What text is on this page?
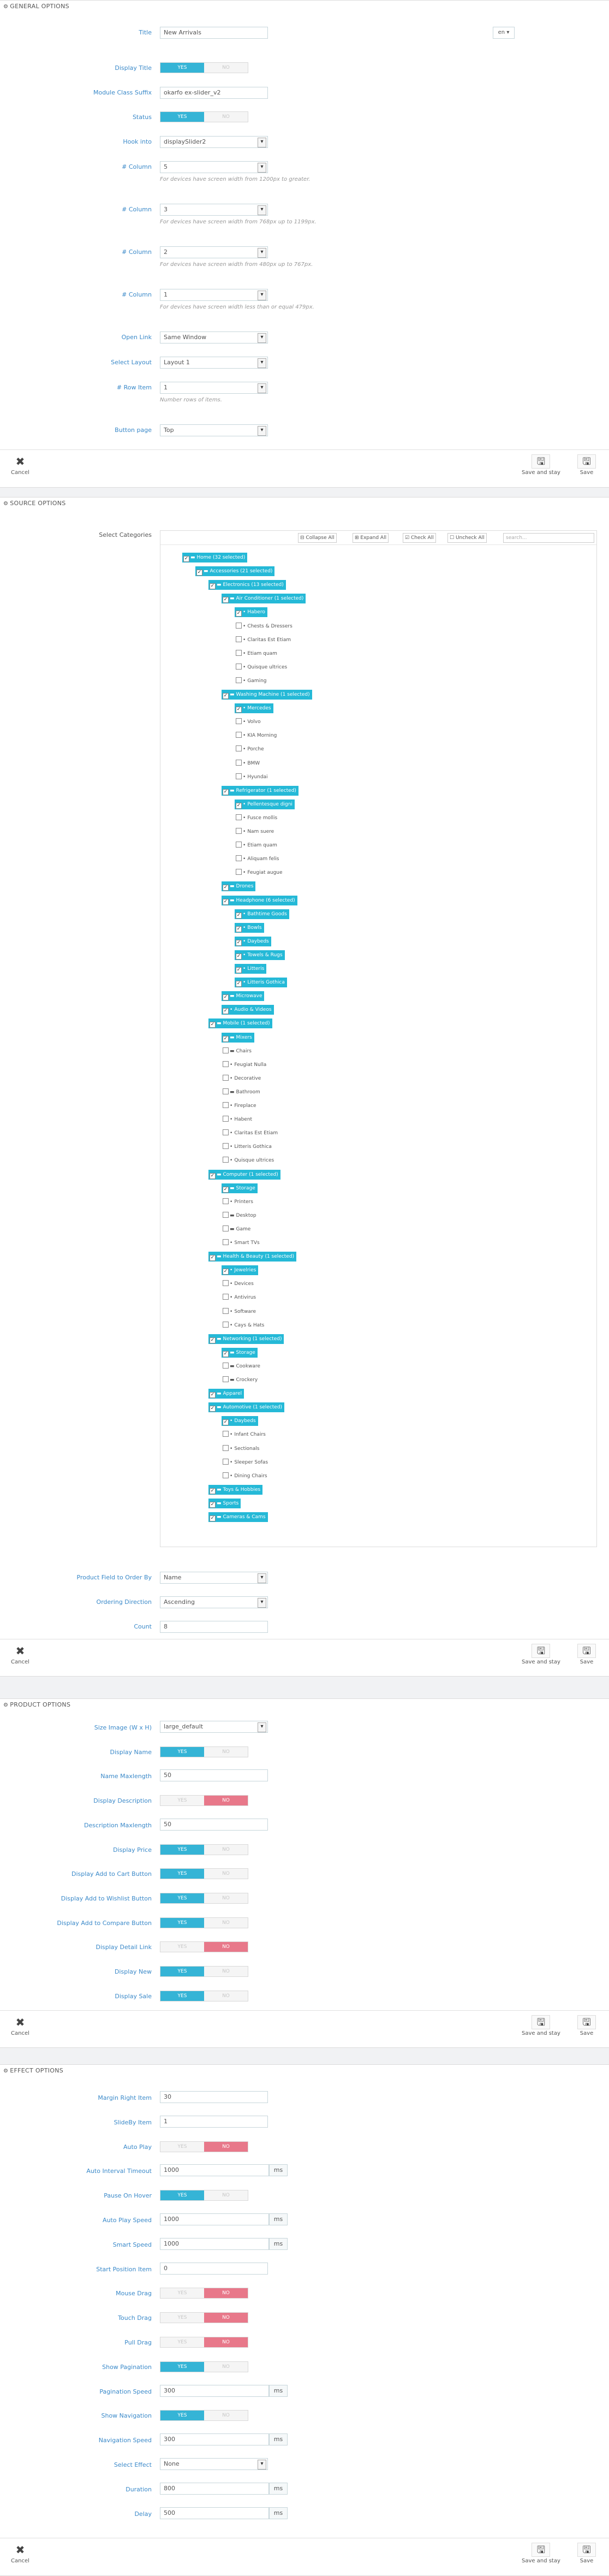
⚙ GENERAL OPTIONS
Title	New Arrivals	en ▾
Display Title	YES	NO
Module Class Suffix	okarfo ex-slider_v2
Status	YES	NO
Hook into	displaySlider2 ▾
# Column	5 ▾
For devices have screen width from 1200px to greater.
# Column	3 ▾
For devices have screen width from 768px up to 1199px.
# Column	2 ▾
For devices have screen width from 480px up to 767px.
# Column	1 ▾
For devices have screen width less than or equal 479px.
Open Link	Same Window ▾
Select Layout	Layout 1 ▾
# Row Item	1 ▾
Number rows of items.
Button page	Top ▾
✖
Cancel
🖫
Save and stay
🖫
Save
⚙ SOURCE OPTIONS
Select Categories	⊟ Collapse All	⊞ Expand All	☑ Check All	☐ Uncheck All	search...
✓ ▬ Home (32 selected)
✓ ▬ Accessories (21 selected)
✓ ▬ Electronics (13 selected)
✓ ▬ Air Conditioner (1 selected)
✓ • Habero
• Chests & Dressers
• Claritas Est Etiam
• Etiam quam
• Quisque ultrices
• Gaming
✓ ▬ Washing Machine (1 selected)
✓ • Mercedes
• Volvo
• KIA Morning
• Porche
• BMW
• Hyundai
✓ ▬ Refrigerator (1 selected)
✓ • Pellentesque digni
• Fusce mollis
• Nam suere
• Etiam quam
• Aliquam felis
• Feugiat augue
✓ ▬ Drones
✓ ▬ Headphone (6 selected)
✓ • Bathtime Goods
✓ • Bowls
✓ • Daybeds
✓ • Towels & Rugs
✓ • Litteris
✓ • Litteris Gothica
✓ ▬ Microwave
✓ • Audio & Videos
✓ ▬ Mobile (1 selected)
✓ ▬ Mixers
▬ Chairs
• Feugiat Nulla
• Decorative
▬ Bathroom
• Fireplace
• Habent
• Claritas Est Etiam
• Litteris Gothica
• Quisque ultrices
✓ ▬ Computer (1 selected)
✓ ▬ Storage
• Printers
▬ Desktop
▬ Game
• Smart TVs
✓ ▬ Health & Beauty (1 selected)
✓ • Jewelries
• Devices
• Antivirus
• Software
• Cays & Hats
✓ ▬ Networking (1 selected)
✓ ▬ Storage
▬ Cookware
▬ Crockery
✓ ▬ Apparel
✓ ▬ Automotive (1 selected)
✓ • Daybeds
• Infant Chairs
• Sectionals
• Sleeper Sofas
• Dining Chairs
✓ ▬ Toys & Hobbies
✓ ▬ Sports
✓ ▬ Cameras & Cams
Product Field to Order By	Name ▾
Ordering Direction	Ascending ▾
Count	8
✖
Cancel
🖫
Save and stay
🖫
Save
⚙ PRODUCT OPTIONS
Size Image (W x H)	large_default ▾
Display Name	YES	NO
Name Maxlength	50
Display Description	YES	NO
Description Maxlength	50
Display Price	YES	NO
Display Add to Cart Button	YES	NO
Display Add to Wishlist Button	YES	NO
Display Add to Compare Button	YES	NO
Display Detail Link	YES	NO
Display New	YES	NO
Display Sale	YES	NO
✖
Cancel
🖫
Save and stay
🖫
Save
⚙ EFFECT OPTIONS
Margin Right Item	30
SlideBy Item	1
Auto Play	YES	NO
Auto Interval Timeout	1000	ms
Pause On Hover	YES	NO
Auto Play Speed	1000	ms
Smart Speed	1000	ms
Start Position Item	0
Mouse Drag	YES	NO
Touch Drag	YES	NO
Pull Drag	YES	NO
Show Pagination	YES	NO
Pagination Speed	300	ms
Show Navigation	YES	NO
Navigation Speed	300	ms
Select Effect	None ▾
Duration	800	ms
Delay	500	ms
✖
Cancel
🖫
Save and stay
🖫
Save
